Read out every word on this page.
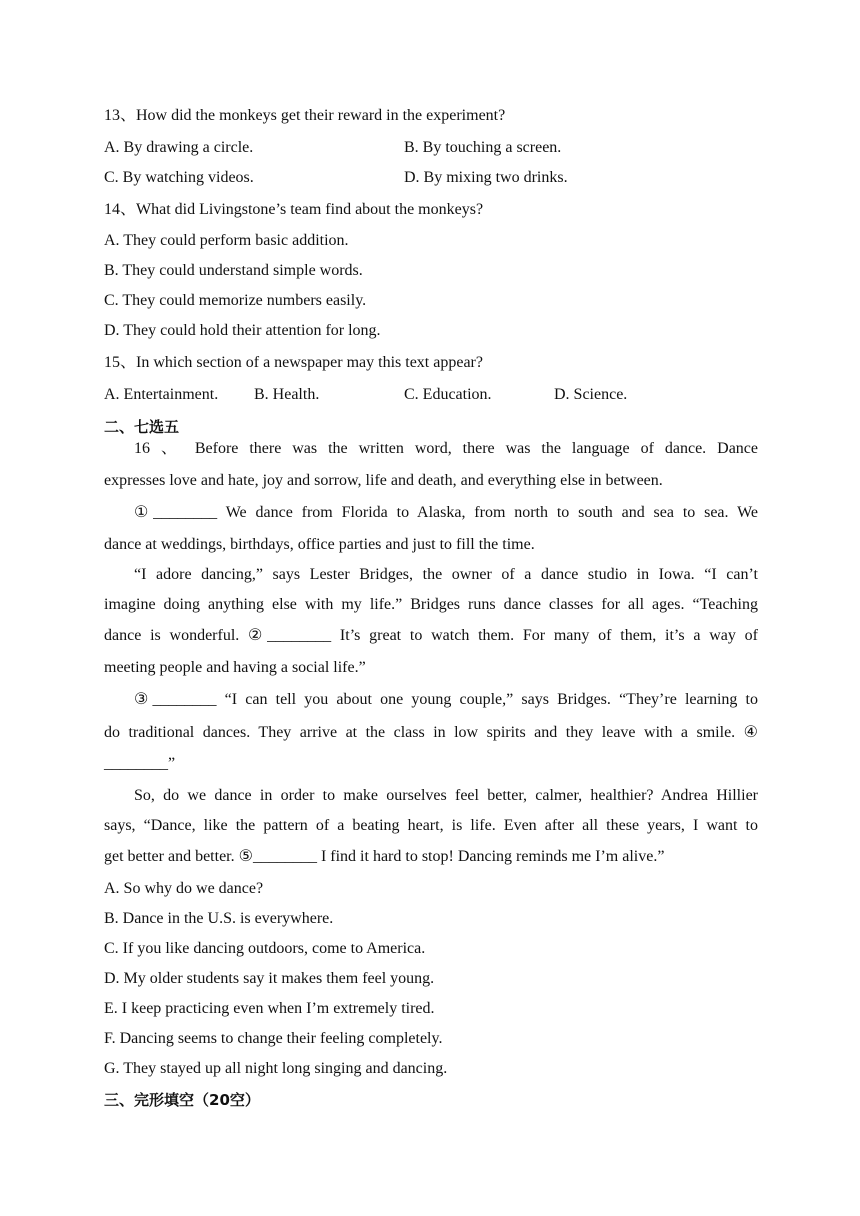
13、How did the monkeys get their reward in the experiment?
A. By drawing a circle.	B. By touching a screen.
C. By watching videos.	D. By mixing two drinks.
14、What did Livingstone’s team find about the monkeys?
A. They could perform basic addition.
B. They could understand simple words.
C. They could memorize numbers easily.
D. They could hold their attention for long.
15、In which section of a newspaper may this text appear?
A. Entertainment. B. Health.	C. Education.	D. Science.
二、七选五
16 、 Before there was the written word, there was the language of dance. Dance
expresses love and hate, joy and sorrow, life and death, and everything else in between.
①________ We dance from Florida to Alaska, from north to south and sea to sea. We
dance at weddings, birthdays, office parties and just to fill the time.
“I adore dancing,” says Lester Bridges, the owner of a dance studio in Iowa. “I can’t
imagine doing anything else with my life.” Bridges runs dance classes for all ages. “Teaching
dance is wonderful. ②________ It’s great to watch them. For many of them, it’s a way of
meeting people and having a social life.”
③________ “I can tell you about one young couple,” says Bridges. “They’re learning to
do traditional dances. They arrive at the class in low spirits and they leave with a smile. ④
________”
So, do we dance in order to make ourselves feel better, calmer, healthier? Andrea Hillier
says, “Dance, like the pattern of a beating heart, is life. Even after all these years, I want to
get better and better. ⑤________ I find it hard to stop! Dancing reminds me I’m alive.”
A. So why do we dance?
B. Dance in the U.S. is everywhere.
C. If you like dancing outdoors, come to America.
D. My older students say it makes them feel young.
E. I keep practicing even when I’m extremely tired.
F. Dancing seems to change their feeling completely.
G. They stayed up all night long singing and dancing.
三、完形填空（20空）
